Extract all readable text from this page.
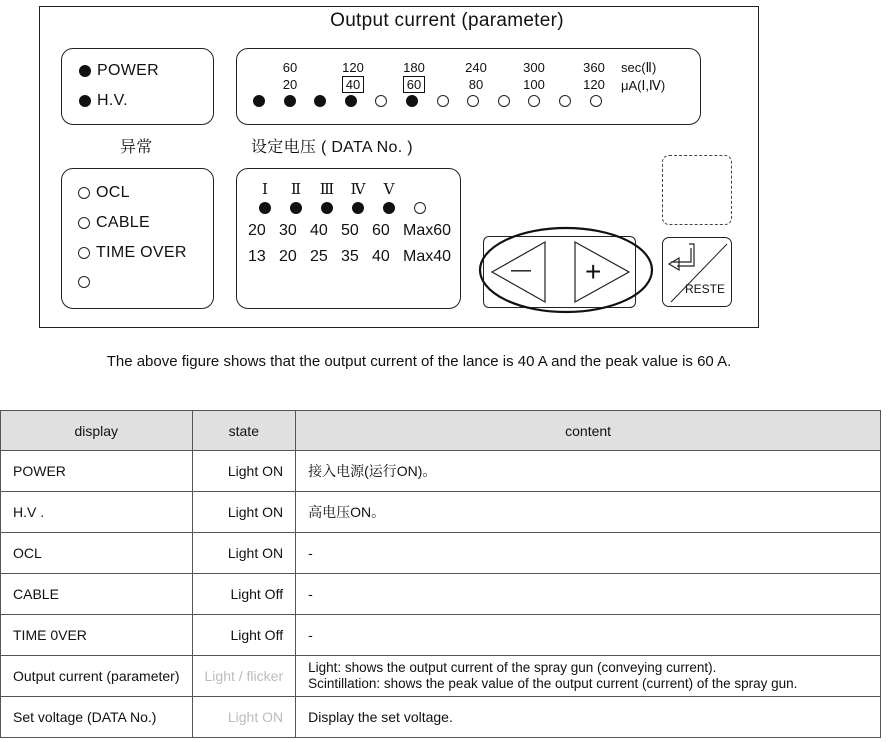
Output current (parameter)
POWER
H.V.
异常
60	120	180	240	300	360	sec(Ⅱ)
20	40	60	80	100	120	μA(Ⅰ,Ⅳ)
设定电压 ( DATA No. )
OCL
CABLE
TIME OVER
Ⅰ	Ⅱ	Ⅲ	Ⅳ	Ⅴ
20 30 40 50 60 Max60
13 20 25 35 40 Max40
— +
RESTE
The above figure shows that the output current of the lance is 40 A and the peak value is 60 A.
display	state	content
POWER	Light ON	接入电源(运行ON)。
H.V .	Light ON	高电压ON。
OCL	Light ON	-
CABLE	Light Off	-
TIME 0VER	Light Off	-
Output current (parameter)	Light / flicker	Light: shows the output current of the spray gun (conveying current).
Scintillation: shows the peak value of the output current (current) of the spray gun.

Set voltage (DATA No.)	Light ON	Display the set voltage.
